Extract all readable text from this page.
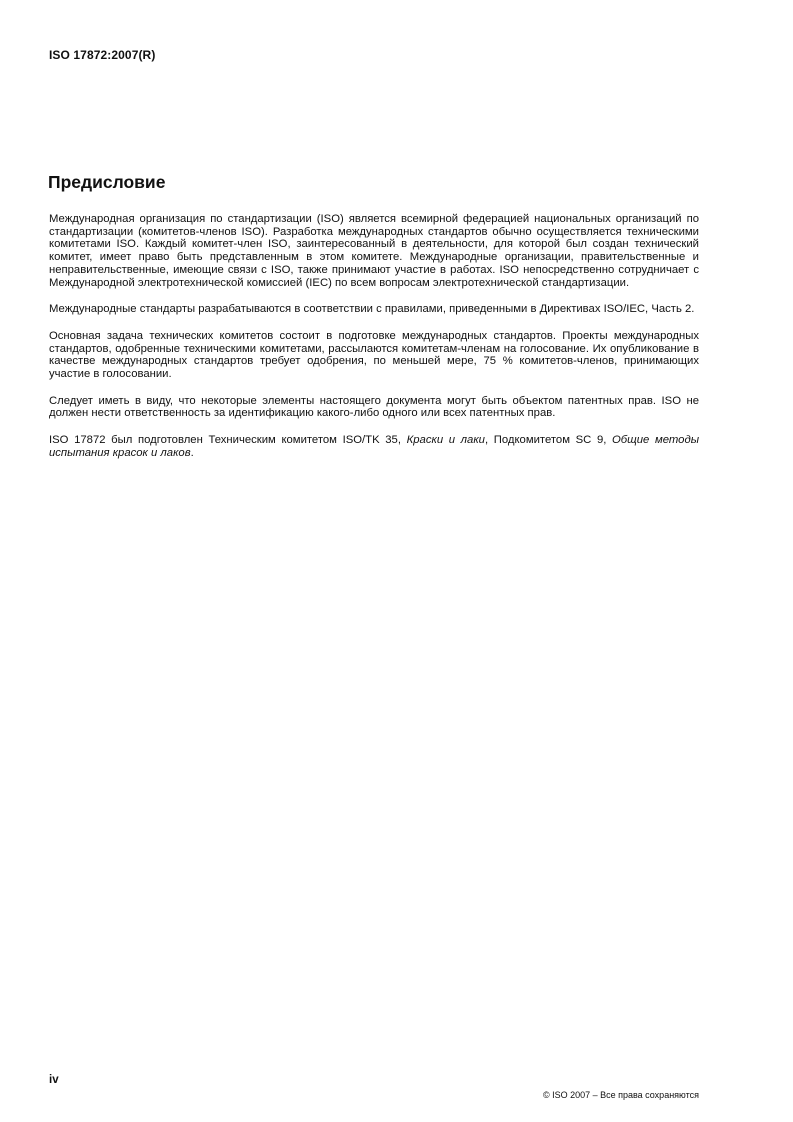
ISO 17872:2007(R)
Предисловие

Международная организация по стандартизации (ISO) является всемирной федерацией национальных организаций по стандартизации (комитетов-членов ISO). Разработка международных стандартов обычно осуществляется техническими комитетами ISO. Каждый комитет-член ISO, заинтересованный в деятельности, для которой был создан технический комитет, имеет право быть представленным в этом комитете. Международные организации, правительственные и неправительственные, имеющие связи с ISO, также принимают участие в работах. ISO непосредственно сотрудничает с Международной электротехнической комиссией (IEC) по всем вопросам электротехнической стандартизации.

Международные стандарты разрабатываются в соответствии с правилами, приведенными в Директивах ISO/IEC, Часть 2.

Основная задача технических комитетов состоит в подготовке международных стандартов. Проекты международных стандартов, одобренные техническими комитетами, рассылаются комитетам-членам на голосование. Их опубликование в качестве международных стандартов требует одобрения, по меньшей мере, 75 % комитетов-членов, принимающих участие в голосовании.

Следует иметь в виду, что некоторые элементы настоящего документа могут быть объектом патентных прав. ISO не должен нести ответственность за идентификацию какого-либо одного или всех патентных прав.

ISO 17872 был подготовлен Техническим комитетом ISO/TK 35, Краски и лаки, Подкомитетом SC 9, Общие методы испытания красок и лаков.

iv
© ISO 2007 – Все права сохраняются
